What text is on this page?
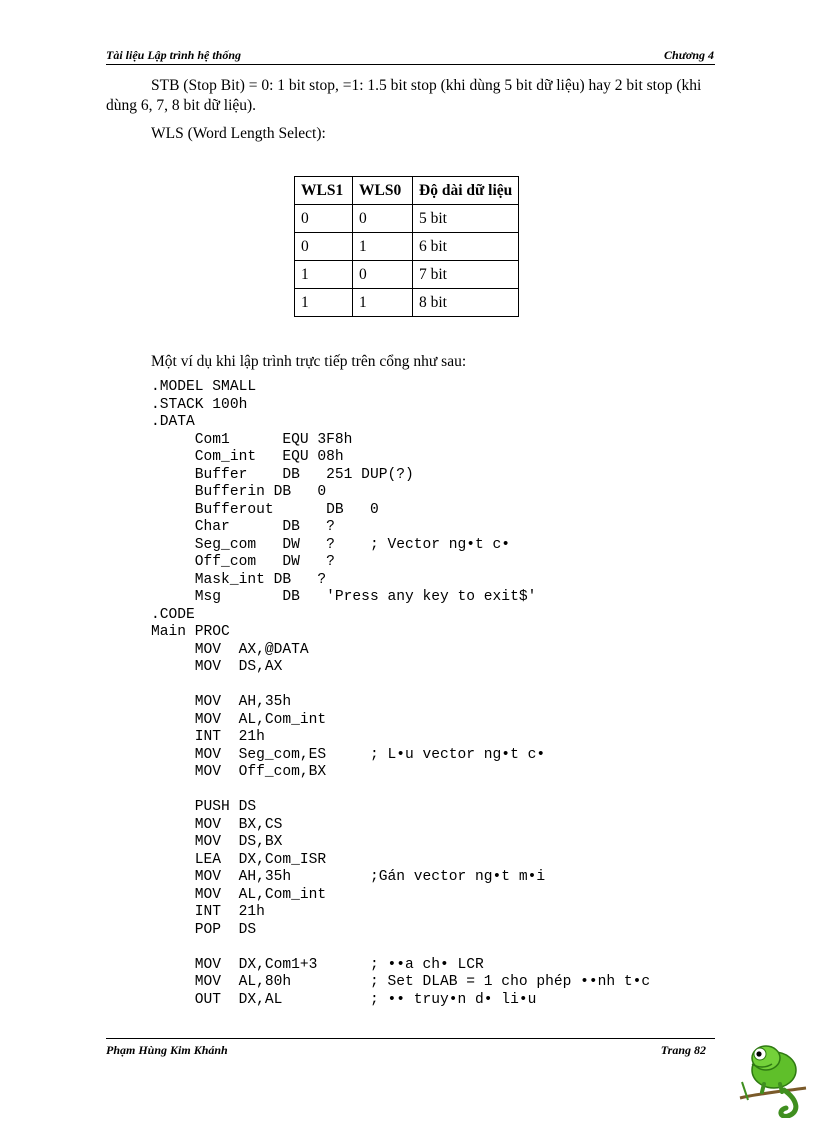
Tài liệu Lập trình hệ thống	Chương 4
STB (Stop Bit) = 0: 1 bit stop, =1: 1.5 bit stop (khi dùng 5 bit dữ liệu) hay 2 bit stop (khi dùng 6, 7, 8 bit dữ liệu).
WLS (Word Length Select):
WLS1	WLS0	Độ dài dữ liệu
0	0	5 bit
0	1	6 bit
1	0	7 bit
1	1	8 bit
Một ví dụ khi lập trình trực tiếp trên cổng như sau:
.MODEL SMALL
.STACK 100h
.DATA
Com1      EQU 3F8h
Com_int   EQU 08h
Buffer    DB   251 DUP(?)
Bufferin DB   0
Bufferout      DB   0
Char      DB   ?
Seg_com   DW   ?    ; Vector ng•t c•
Off_com   DW   ?
Mask_int DB   ?
Msg       DB   'Press any key to exit$'
.CODE
Main PROC
MOV  AX,@DATA
MOV  DS,AX
MOV  AH,35h
MOV  AL,Com_int
INT  21h
MOV  Seg_com,ES     ; L•u vector ng•t c•
MOV  Off_com,BX
PUSH DS
MOV  BX,CS
MOV  DS,BX
LEA  DX,Com_ISR
MOV  AH,35h         ;Gán vector ng•t m•i
MOV  AL,Com_int
INT  21h
POP  DS
MOV  DX,Com1+3      ; ••a ch• LCR
MOV  AL,80h         ; Set DLAB = 1 cho phép ••nh t•c
OUT  DX,AL          ; •• truy•n d• li•u
Phạm Hùng Kim Khánh	Trang 82
